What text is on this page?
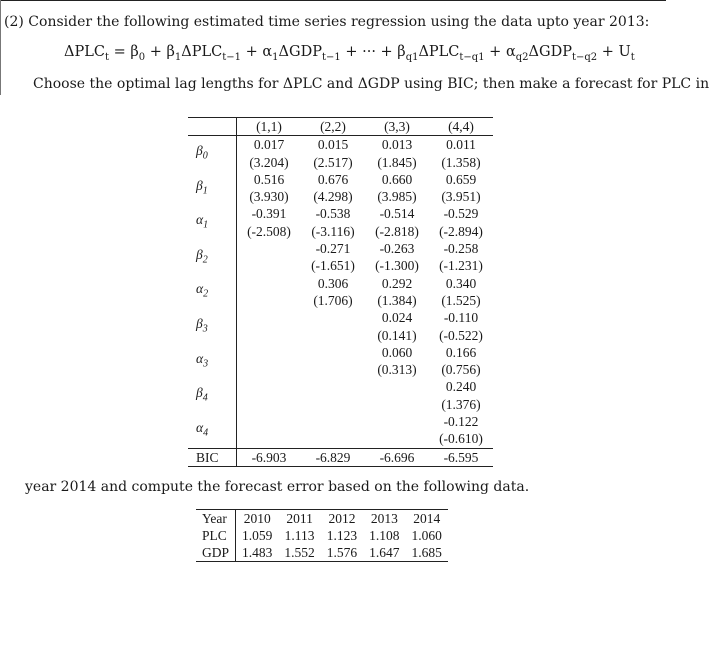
(2) Consider the following estimated time series regression using the data upto year 2013:
$\Delta PLC_t = \beta_0 + \beta_1\Delta PLC_{t-1} + \alpha_1\Delta GDP_{t-1}$ + ··· + $\beta_{q1}\Delta PLC_{t-q1} + \alpha_{q2}\Delta GDP_{t-q2} + U_t$
Choose the optimal lag lengths for ΔPLC and ΔGDP using BIC; then make a forecast for PLC in
	(1,1)	(2,2)	(3,3)	(4,4)
$\beta_0$	0.017	0.015	0.013	0.011
	(3.204)	(2.517)	(1.845)	(1.358)
$\beta_1$	0.516	0.676	0.660	0.659
	(3.930)	(4.298)	(3.985)	(3.951)
$\alpha_1$	-0.391	-0.538	-0.514	-0.529
	(-2.508)	(-3.116)	(-2.818)	(-2.894)
$\beta_2$		-0.271	-0.263	-0.258
		(-1.651)	(-1.300)	(-1.231)
$\alpha_2$		0.306	0.292	0.340
		(1.706)	(1.384)	(1.525)
$\beta_3$			0.024	-0.110
			(0.141)	(-0.522)
$\alpha_3$			0.060	0.166
			(0.313)	(0.756)
$\beta_4$				0.240
				(1.376)
$\alpha_4$				-0.122
				(-0.610)
BIC	-6.903	-6.829	-6.696	-6.595
year 2014 and compute the forecast error based on the following data.
Year	2010	2011	2012	2013	2014
PLC	1.059	1.113	1.123	1.108	1.060
GDP	1.483	1.552	1.576	1.647	1.685
